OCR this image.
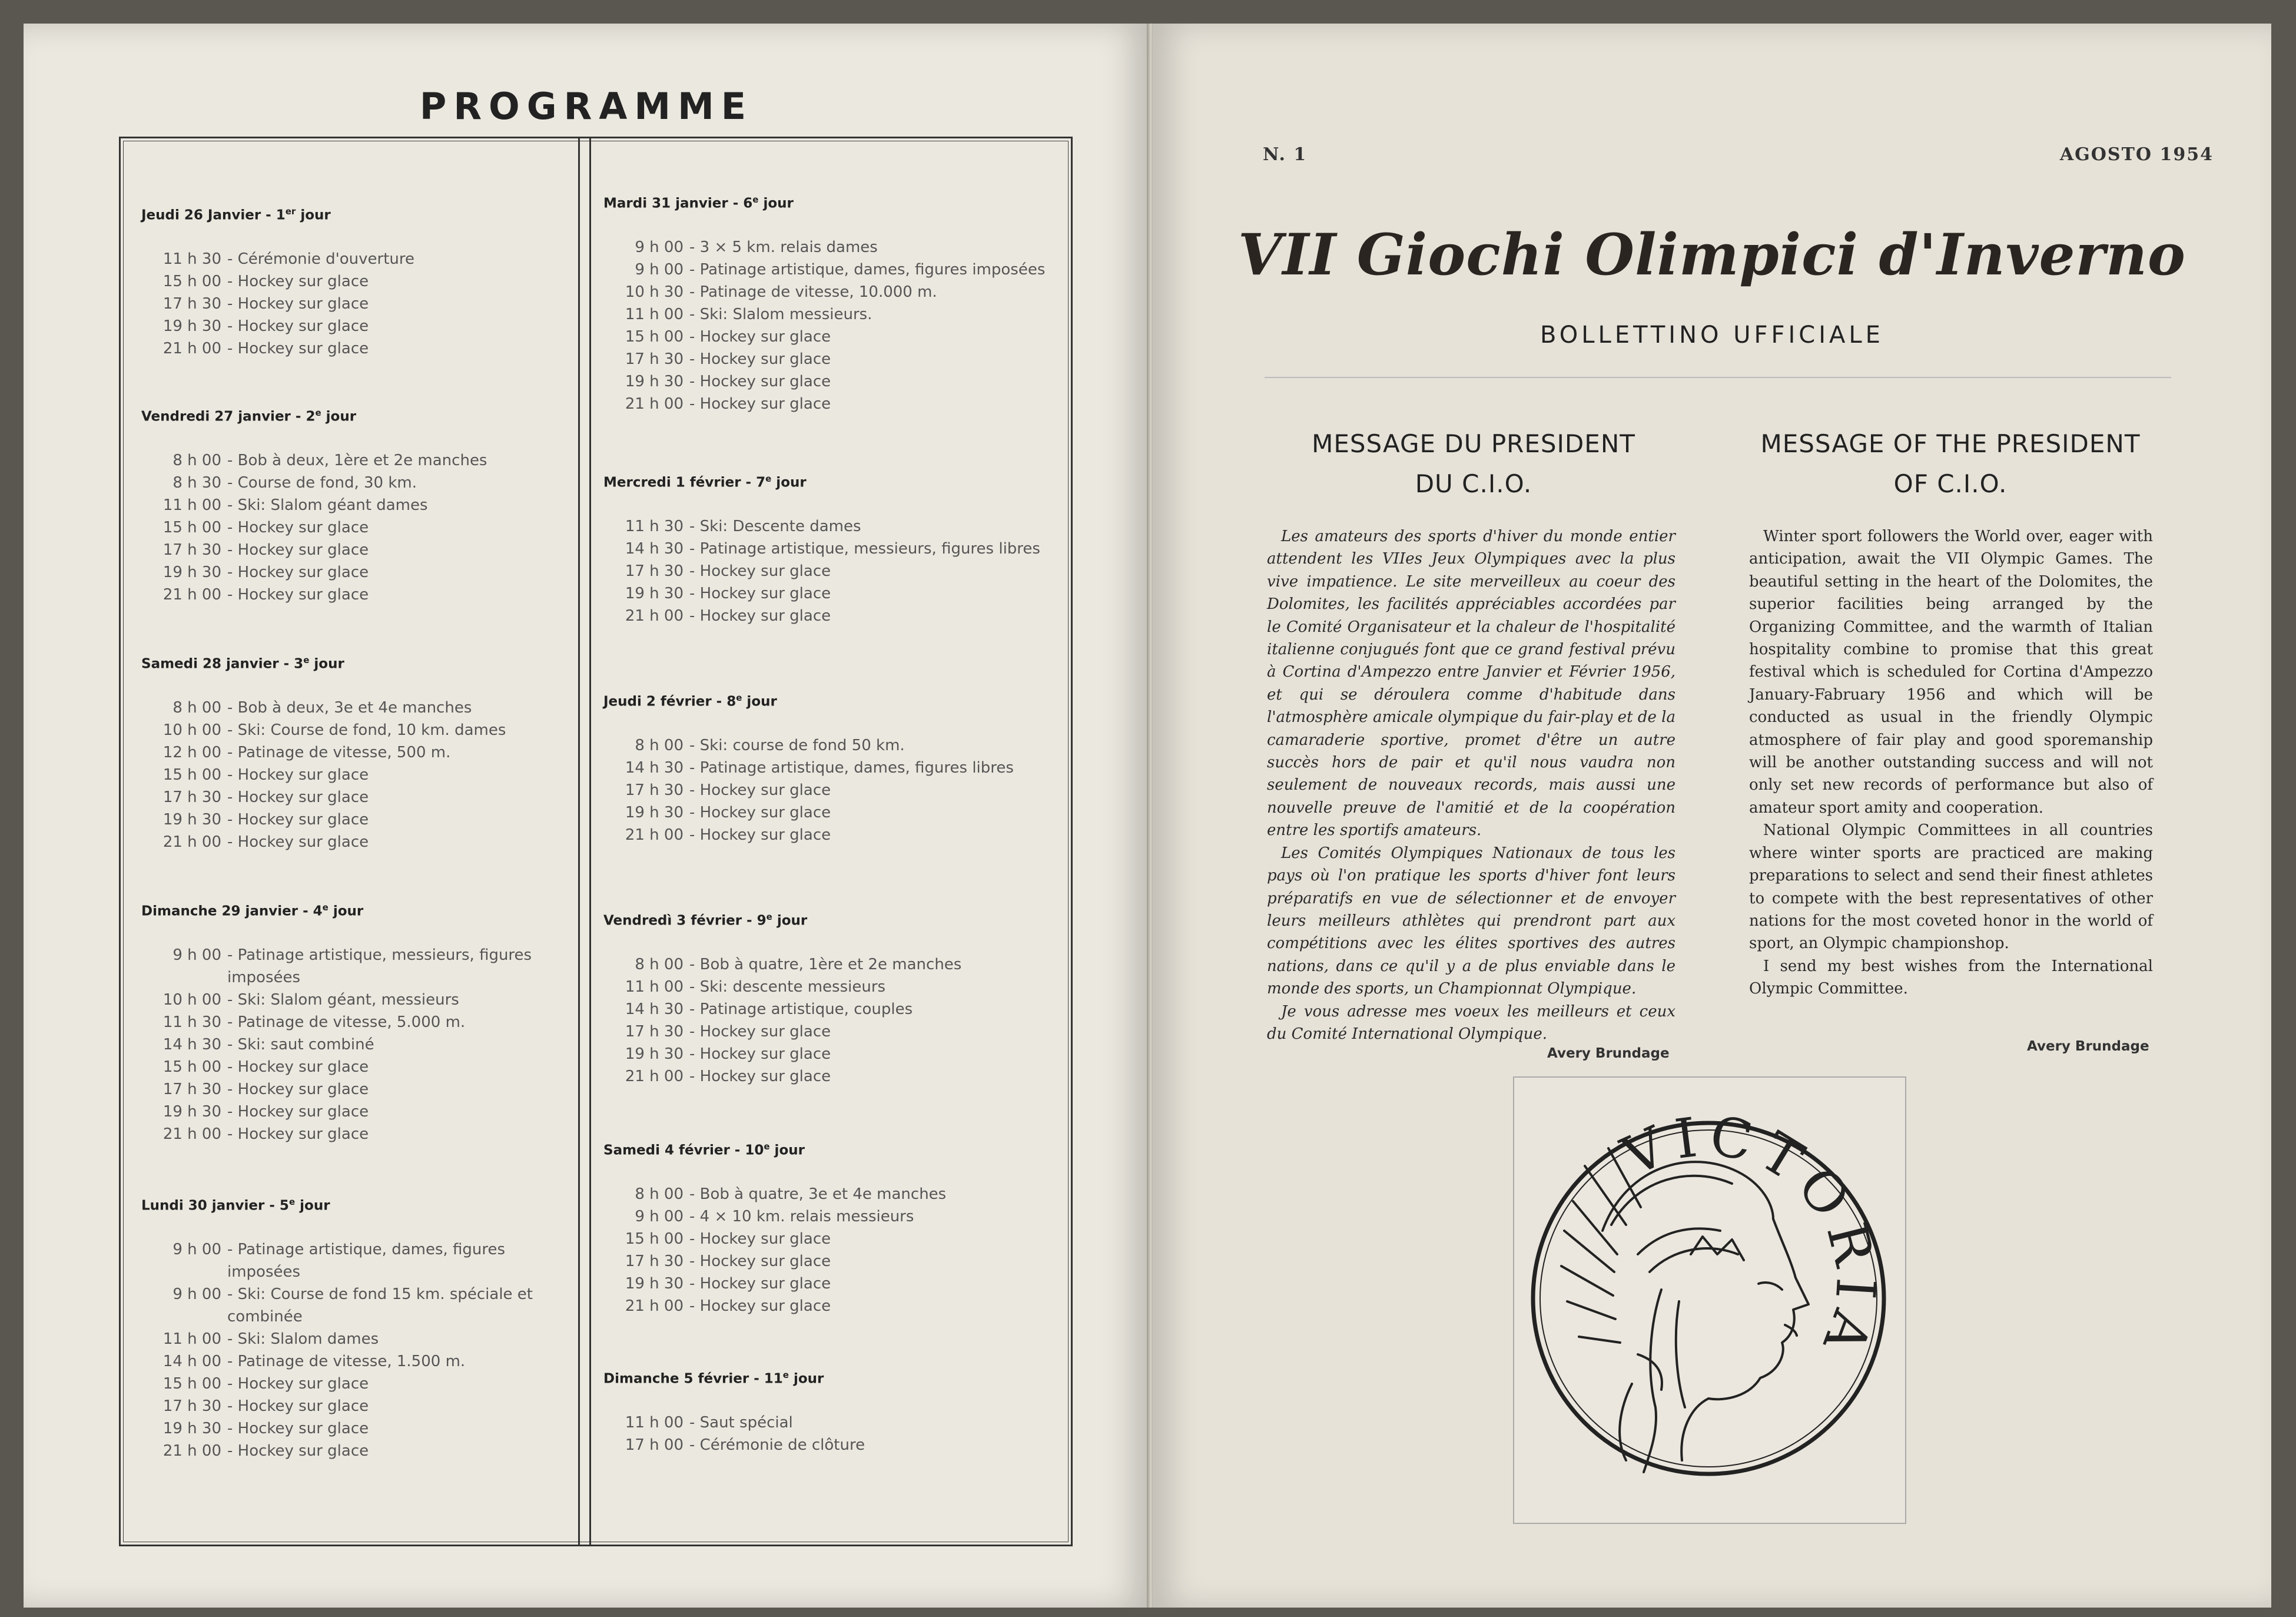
PROGRAMME
Jeudi 26 Janvier - 1er jour
11 h 30 - Cérémonie d'ouverture
15 h 00 - Hockey sur glace
17 h 30 - Hockey sur glace
19 h 30 - Hockey sur glace
21 h 00 - Hockey sur glace
Vendredi 27 janvier - 2e jour
8 h 00 - Bob à deux, 1ère et 2e manches
8 h 30 - Course de fond, 30 km.
11 h 00 - Ski: Slalom géant dames
15 h 00 - Hockey sur glace
17 h 30 - Hockey sur glace
19 h 30 - Hockey sur glace
21 h 00 - Hockey sur glace
Samedi 28 janvier - 3e jour
8 h 00 - Bob à deux, 3e et 4e manches
10 h 00 - Ski: Course de fond, 10 km. dames
12 h 00 - Patinage de vitesse, 500 m.
15 h 00 - Hockey sur glace
17 h 30 - Hockey sur glace
19 h 30 - Hockey sur glace
21 h 00 - Hockey sur glace
Dimanche 29 janvier - 4e jour
9 h 00 - Patinage artistique, messieurs, figures imposées
10 h 00 - Ski: Slalom géant, messieurs
11 h 30 - Patinage de vitesse, 5.000 m.
14 h 30 - Ski: saut combiné
15 h 00 - Hockey sur glace
17 h 30 - Hockey sur glace
19 h 30 - Hockey sur glace
21 h 00 - Hockey sur glace
Lundi 30 janvier - 5e jour
9 h 00 - Patinage artistique, dames, figures imposées
9 h 00 - Ski: Course de fond 15 km. spéciale et combinée
11 h 00 - Ski: Slalom dames
14 h 00 - Patinage de vitesse, 1.500 m.
15 h 00 - Hockey sur glace
17 h 30 - Hockey sur glace
19 h 30 - Hockey sur glace
21 h 00 - Hockey sur glace
Mardi 31 janvier - 6e jour
9 h 00 - 3 × 5 km. relais dames
9 h 00 - Patinage artistique, dames, figures imposées
10 h 30 - Patinage de vitesse, 10.000 m.
11 h 00 - Ski: Slalom messieurs.
15 h 00 - Hockey sur glace
17 h 30 - Hockey sur glace
19 h 30 - Hockey sur glace
21 h 00 - Hockey sur glace
Mercredi 1 février - 7e jour
11 h 30 - Ski: Descente dames
14 h 30 - Patinage artistique, messieurs, figures libres
17 h 30 - Hockey sur glace
19 h 30 - Hockey sur glace
21 h 00 - Hockey sur glace
Jeudi 2 février - 8e jour
8 h 00 - Ski: course de fond 50 km.
14 h 30 - Patinage artistique, dames, figures libres
17 h 30 - Hockey sur glace
19 h 30 - Hockey sur glace
21 h 00 - Hockey sur glace
Vendredì 3 février - 9e jour
8 h 00 - Bob à quatre, 1ère et 2e manches
11 h 00 - Ski: descente messieurs
14 h 30 - Patinage artistique, couples
17 h 30 - Hockey sur glace
19 h 30 - Hockey sur glace
21 h 00 - Hockey sur glace
Samedi 4 février - 10e jour
8 h 00 - Bob à quatre, 3e et 4e manches
9 h 00 - 4 × 10 km. relais messieurs
15 h 00 - Hockey sur glace
17 h 30 - Hockey sur glace
19 h 30 - Hockey sur glace
21 h 00 - Hockey sur glace
Dimanche 5 février - 11e jour
11 h 00 - Saut spécial
17 h 00 - Cérémonie de clôture
N. 1	AGOSTO 1954
VII Giochi Olimpici d'Inverno
BOLLETTINO UFFICIALE
MESSAGE DU PRESIDENT
DU C.I.O.
MESSAGE OF THE PRESIDENT
OF C.I.O.

Les amateurs des sports d'hiver du monde entier attendent les VIIes Jeux Olympiques avec la plus vive impatience. Le site merveilleux au coeur des Dolomites, les facilités appréciables accordées par le Comité Organisateur et la chaleur de l'hospitalité italienne conjugués font que ce grand festival prévu à Cortina d'Ampezzo entre Janvier et Février 1956, et qui se déroulera comme d'habitude dans l'atmosphère amicale olympique du fair-play et de la camaraderie sportive, promet d'être un autre succès hors de pair et qu'il nous vaudra non seulement de nouveaux records, mais aussi une nouvelle preuve de l'amitié et de la coopération entre les sportifs amateurs.

Les Comités Olympiques Nationaux de tous les pays où l'on pratique les sports d'hiver font leurs préparatifs en vue de sélectionner et de envoyer leurs meilleurs athlètes qui prendront part aux compétitions avec les élites sportives des autres nations, dans ce qu'il y a de plus enviable dans le monde des sports, un Championnat Olympique.

Je vous adresse mes voeux les meilleurs et ceux du Comité International Olympique.

Avery Brundage

Winter sport followers the World over, eager with anticipation, await the VII Olympic Games. The beautiful setting in the heart of the Dolomites, the superior facilities being arranged by the Organizing Committee, and the warmth of Italian hospitality combine to promise that this great festival which is scheduled for Cortina d'Ampezzo January-Fabruary 1956 and which will be conducted as usual in the friendly Olympic atmosphere of fair play and good sporemanship will be another outstanding success and will not only set new records of performance but also of amateur sport amity and cooperation.

National Olympic Committees in all countries where winter sports are practiced are making preparations to select and send their finest athletes to compete with the best representatives of other nations for the most coveted honor in the world of sport, an Olympic championshop.

I send my best wishes from the International Olympic Committee.

Avery Brundage
VICTORIA
